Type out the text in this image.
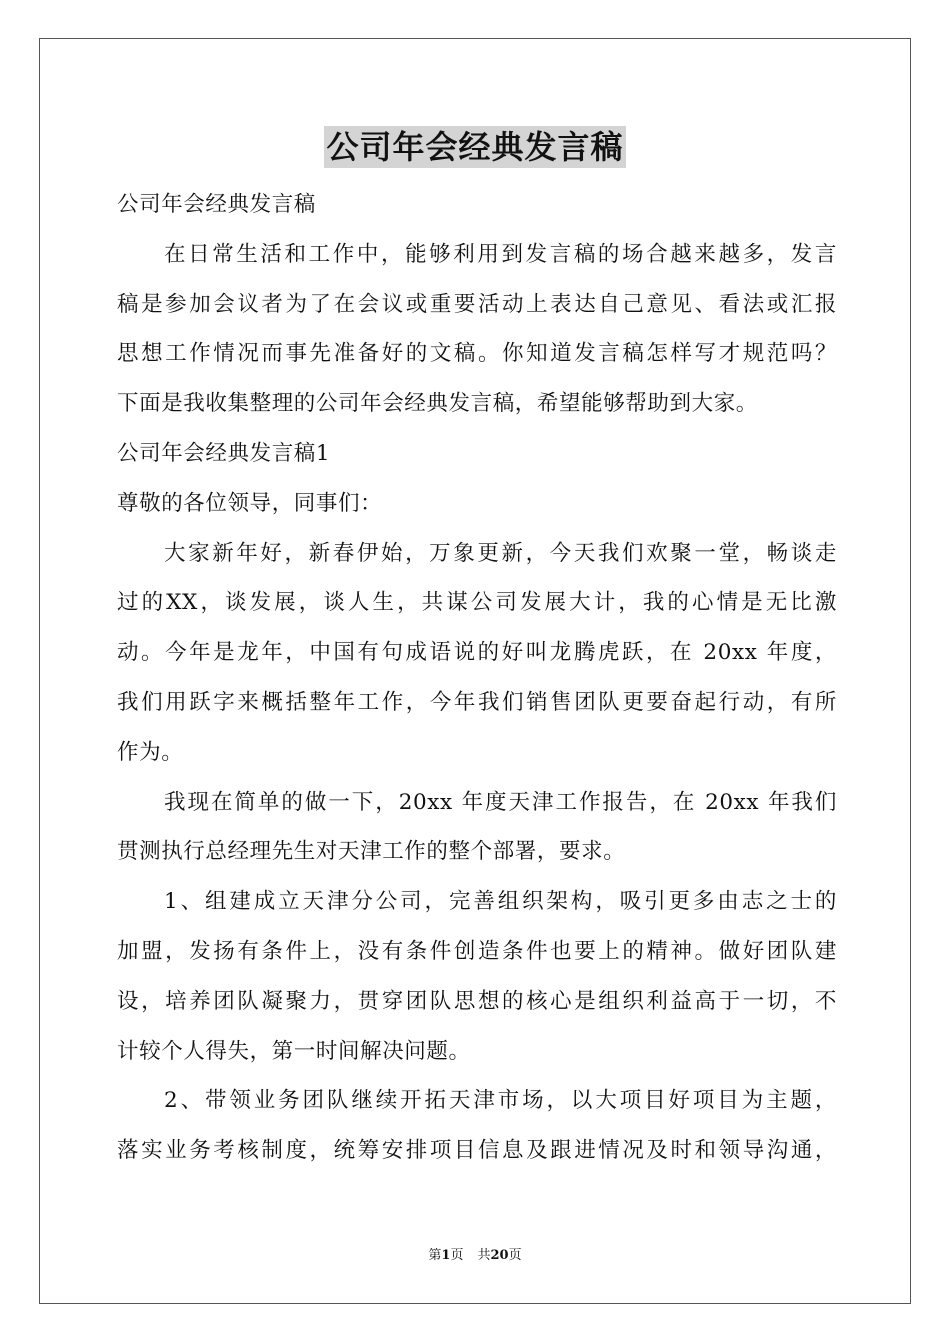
公司年会经典发言稿
公司年会经典发言稿
在日常生活和工作中，能够利用到发言稿的场合越来越多，发言
稿是参加会议者为了在会议或重要活动上表达自己意见、看法或汇报
思想工作情况而事先准备好的文稿。你知道发言稿怎样写才规范吗？
下面是我收集整理的公司年会经典发言稿，希望能够帮助到大家。
公司年会经典发言稿1
尊敬的各位领导，同事们：
大家新年好，新春伊始，万象更新，今天我们欢聚一堂，畅谈走
过的XX，谈发展，谈人生，共谋公司发展大计，我的心情是无比激
动。今年是龙年，中国有句成语说的好叫龙腾虎跃，在 20xx 年度，
我们用跃字来概括整年工作，今年我们销售团队更要奋起行动，有所
作为。
我现在简单的做一下，20xx 年度天津工作报告，在 20xx 年我们
贯测执行总经理先生对天津工作的整个部署，要求。
1、组建成立天津分公司，完善组织架构，吸引更多由志之士的
加盟，发扬有条件上，没有条件创造条件也要上的精神。做好团队建
设，培养团队凝聚力，贯穿团队思想的核心是组织利益高于一切，不
计较个人得失，第一时间解决问题。
2、带领业务团队继续开拓天津市场，以大项目好项目为主题，
落实业务考核制度，统筹安排项目信息及跟进情况及时和领导沟通，
第1页 共20页
